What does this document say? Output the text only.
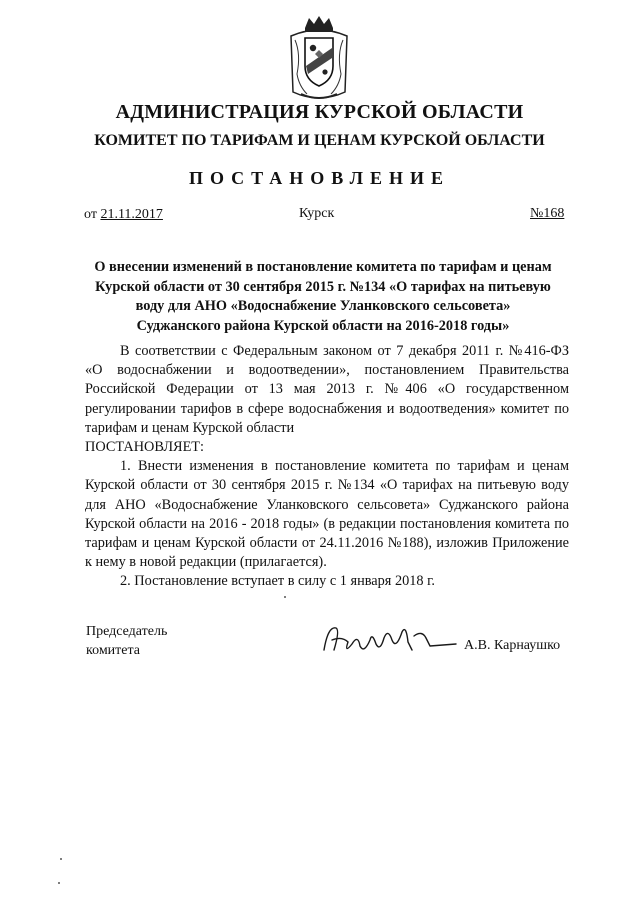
АДМИНИСТРАЦИЯ КУРСКОЙ ОБЛАСТИ
КОМИТЕТ ПО ТАРИФАМ И ЦЕНАМ КУРСКОЙ ОБЛАСТИ
ПОСТАНОВЛЕНИЕ
от 21.11.2017	Курск	№168
О внесении изменений в постановление комитета по тарифам и ценам
Курской области от 30 сентября 2015 г. №134 «О тарифах на питьевую
воду для АНО «Водоснабжение Уланковского сельсовета»
Суджанского района Курской области на 2016-2018 годы»

В соответствии с Федеральным законом от 7 декабря 2011 г. №416-ФЗ «О водоснабжении и водоотведении», постановлением Правительства Российской Федерации от 13 мая 2013 г. №406 «О государственном регулировании тарифов в сфере водоснабжения и водоотведения» комитет по тарифам и ценам Курской области

ПОСТАНОВЛЯЕТ:

1. Внести изменения в постановление комитета по тарифам и ценам Курской области от 30 сентября 2015 г. №134 «О тарифах на питьевую воду для АНО «Водоснабжение Уланковского сельсовета» Суджанского района Курской области на 2016 - 2018 годы» (в редакции постановления комитета по тарифам и ценам Курской области от 24.11.2016 №188), изложив Приложение к нему в новой редакции (прилагается).

2. Постановление вступает в силу с 1 января 2018 г.

Председатель
комитета	А.В. Карнаушко
